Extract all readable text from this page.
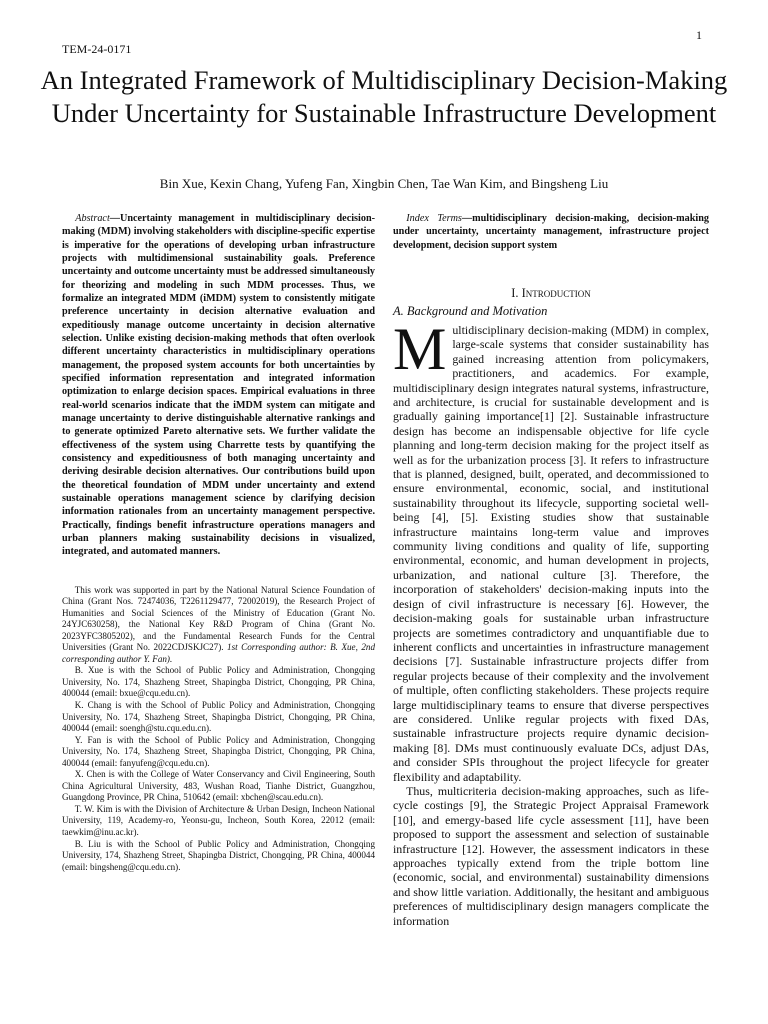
1
TEM-24-0171
An Integrated Framework of Multidisciplinary Decision-Making Under Uncertainty for Sustainable Infrastructure Development
Bin Xue, Kexin Chang, Yufeng Fan, Xingbin Chen, Tae Wan Kim, and Bingsheng Liu

Abstract—Uncertainty management in multidisciplinary decision-making (MDM) involving stakeholders with discipline-specific expertise is imperative for the operations of developing urban infrastructure projects with multidimensional sustainability goals. Preference uncertainty and outcome uncertainty must be addressed simultaneously for theorizing and modeling in such MDM processes. Thus, we formalize an integrated MDM (iMDM) system to consistently mitigate preference uncertainty in decision alternative evaluation and expeditiously manage outcome uncertainty in decision alternative selection. Unlike existing decision-making methods that often overlook different uncertainty characteristics in multidisciplinary operations management, the proposed system accounts for both uncertainties by specified information representation and integrated information optimization to enlarge decision spaces. Empirical evaluations in three real-world scenarios indicate that the iMDM system can mitigate and manage uncertainty to derive distinguishable alternative rankings and to generate optimized Pareto alternative sets. We further validate the effectiveness of the system using Charrette tests by quantifying the consistency and expeditiousness of both managing uncertainty and deriving desirable decision alternatives. Our contributions build upon the theoretical foundation of MDM under uncertainty and extend sustainable operations management science by clarifying decision information rationales from an uncertainty management perspective. Practically, findings benefit infrastructure operations managers and urban planners making sustainability decisions in visualized, integrated, and automated manners.

This work was supported in part by the National Natural Science Foundation of China (Grant Nos. 72474036, T2261129477, 72002019), the Research Project of Humanities and Social Sciences of the Ministry of Education (Grant No. 24YJC630258), the National Key R&D Program of China (Grant No. 2023YFC3805202), and the Fundamental Research Funds for the Central Universities (Grant No. 2022CDJSKJC27). 1st Corresponding author: B. Xue, 2nd corresponding author Y. Fan).

B. Xue is with the School of Public Policy and Administration, Chongqing University, No. 174, Shazheng Street, Shapingba District, Chongqing, PR China, 400044 (email: bxue@cqu.edu.cn).

K. Chang is with the School of Public Policy and Administration, Chongqing University, No. 174, Shazheng Street, Shapingba District, Chongqing, PR China, 400044 (email: soengh@stu.cqu.edu.cn).

Y. Fan is with the School of Public Policy and Administration, Chongqing University, No. 174, Shazheng Street, Shapingba District, Chongqing, PR China, 400044 (email: fanyufeng@cqu.edu.cn).

X. Chen is with the College of Water Conservancy and Civil Engineering, South China Agricultural University, 483, Wushan Road, Tianhe District, Guangzhou, Guangdong Province, PR China, 510642 (email: xbchen@scau.edu.cn).

T. W. Kim is with the Division of Architecture & Urban Design, Incheon National University, 119, Academy-ro, Yeonsu-gu, Incheon, South Korea, 22012 (email: taewkim@inu.ac.kr).

B. Liu is with the School of Public Policy and Administration, Chongqing University, 174, Shazheng Street, Shapingba District, Chongqing, PR China, 400044 (email: bingsheng@cqu.edu.cn).

Index Terms—multidisciplinary decision-making, decision-making under uncertainty, uncertainty management, infrastructure project development, decision support system

I. Introduction
A. Background and Motivation

Multidisciplinary decision-making (MDM) in complex, large-scale systems that consider sustainability has gained increasing attention from policymakers, practitioners, and academics. For example, multidisciplinary design integrates natural systems, infrastructure, and architecture, is crucial for sustainable development and is gradually gaining importance[1] [2]. Sustainable infrastructure design has become an indispensable objective for life cycle planning and long-term decision making for the project itself as well as for the urbanization process [3]. It refers to infrastructure that is planned, designed, built, operated, and decommissioned to ensure environmental, economic, social, and institutional sustainability throughout its lifecycle, supporting societal well-being [4], [5]. Existing studies show that sustainable infrastructure maintains long-term value and improves community living conditions and quality of life, supporting environmental, economic, and human development in projects, urbanization, and national culture [3]. Therefore, the incorporation of stakeholders' decision-making inputs into the design of civil infrastructure is necessary [6]. However, the decision-making goals for sustainable urban infrastructure projects are sometimes contradictory and unquantifiable due to inherent conflicts and uncertainties in infrastructure management decisions [7]. Sustainable infrastructure projects differ from regular projects because of their complexity and the involvement of multiple, often conflicting stakeholders. These projects require large multidisciplinary teams to ensure that diverse perspectives are considered. Unlike regular projects with fixed DAs, sustainable infrastructure projects require dynamic decision-making [8]. DMs must continuously evaluate DCs, adjust DAs, and consider SPIs throughout the project lifecycle for greater flexibility and adaptability.

Thus, multicriteria decision-making approaches, such as life-cycle costings [9], the Strategic Project Appraisal Framework [10], and emergy-based life cycle assessment [11], have been proposed to support the assessment and selection of sustainable infrastructure [12]. However, the assessment indicators in these approaches typically extend from the triple bottom line (economic, social, and environmental) sustainability dimensions and show little variation. Additionally, the hesitant and ambiguous preferences of multidisciplinary design managers complicate the information
